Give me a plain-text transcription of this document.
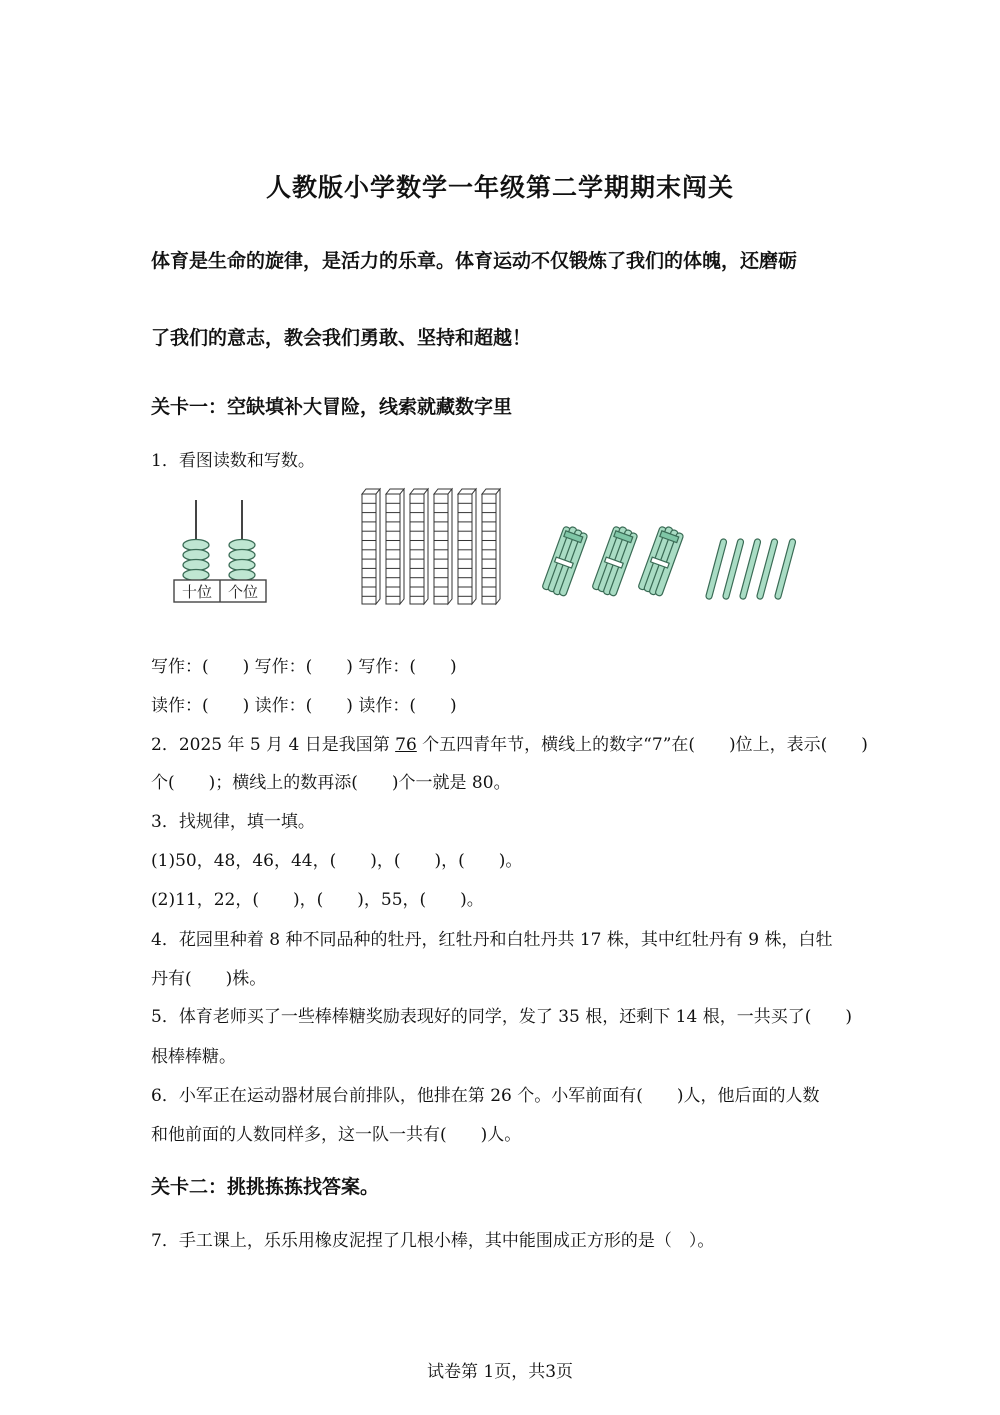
人教版小学数学一年级第二学期期末闯关
体育是生命的旋律，是活力的乐章。体育运动不仅锻炼了我们的体魄，还磨砺
了我们的意志，教会我们勇敢、坚持和超越！
关卡一：空缺填补大冒险，线索就藏数字里
1．看图读数和写数。
十位 个位
写作：(　　) 写作：(　　) 写作：(　　)
读作：(　　) 读作：(　　) 读作：(　　)
2．2025 年 5 月 4 日是我国第 76 个五四青年节，横线上的数字“7”在(　　)位上，表示(　　)
个(　　)；横线上的数再添(　　)个一就是 80。
3．找规律，填一填。
(1)50，48，46，44，(　　)，(　　)，(　　)。
(2)11，22，(　　)，(　　)，55，(　　)。
4．花园里种着 8 种不同品种的牡丹，红牡丹和白牡丹共 17 株，其中红牡丹有 9 株，白牡
丹有(　　)株。
5．体育老师买了一些棒棒糖奖励表现好的同学，发了 35 根，还剩下 14 根，一共买了(　　)
根棒棒糖。
6．小军正在运动器材展台前排队，他排在第 26 个。小军前面有(　　)人，他后面的人数
和他前面的人数同样多，这一队一共有(　　)人。
关卡二：挑挑拣拣找答案。
7．手工课上，乐乐用橡皮泥捏了几根小棒，其中能围成正方形的是（　）。
试卷第 1页，共3页
